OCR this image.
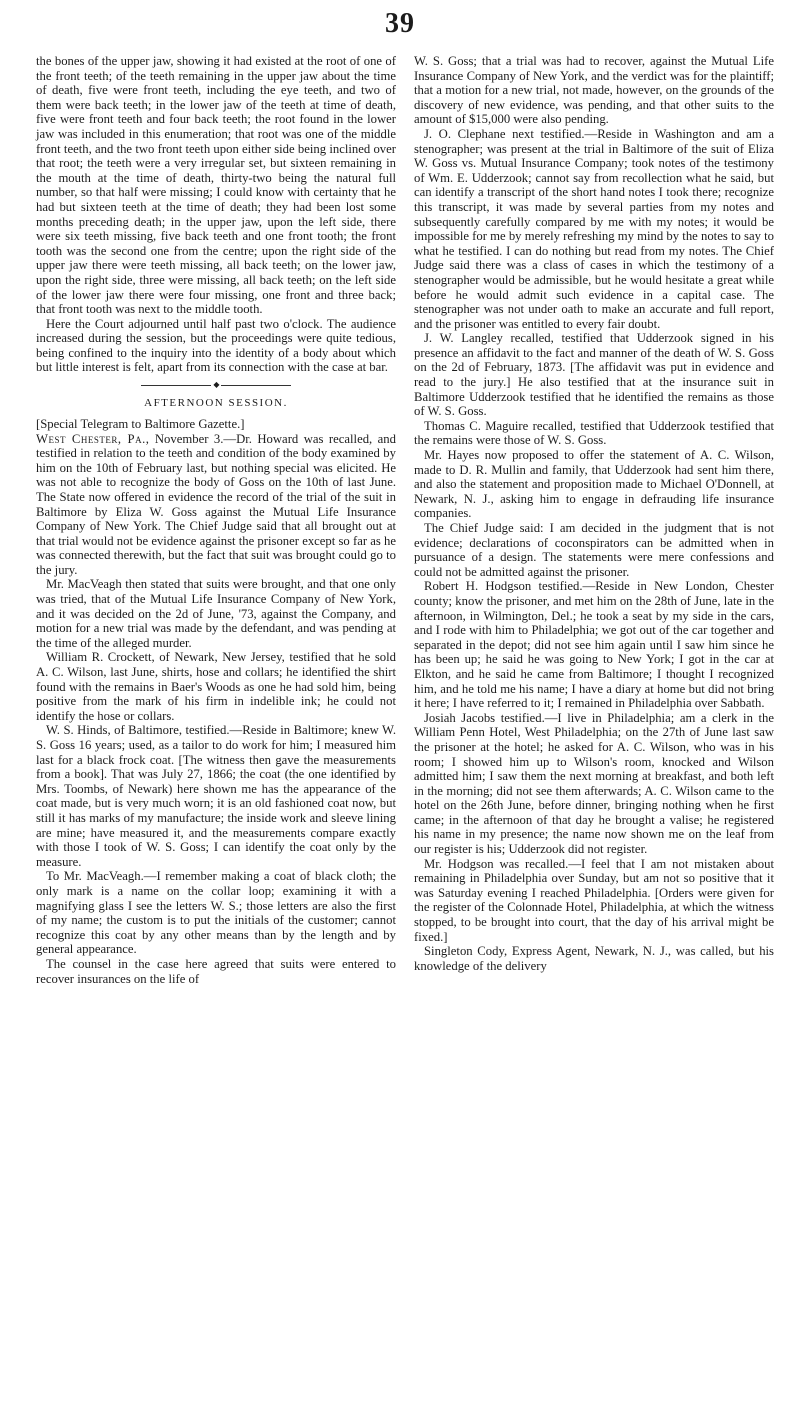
39

the bones of the upper jaw, showing it had existed at the root of one of the front teeth; of the teeth remaining in the upper jaw about the time of death, five were front teeth, including the eye teeth, and two of them were back teeth; in the lower jaw of the teeth at time of death, five were front teeth and four back teeth; the root found in the lower jaw was included in this enumeration; that root was one of the middle front teeth, and the two front teeth upon either side being inclined over that root; the teeth were a very irregular set, but sixteen remaining in the mouth at the time of death, thirty-two being the natural full number, so that half were missing; I could know with certainty that he had but sixteen teeth at the time of death; they had been lost some months preceding death; in the upper jaw, upon the left side, there were six teeth missing, five back teeth and one front tooth; the front tooth was the second one from the centre; upon the right side of the upper jaw there were teeth missing, all back teeth; on the lower jaw, upon the right side, three were missing, all back teeth; on the left side of the lower jaw there were four missing, one front and three back; that front tooth was next to the middle tooth.

Here the Court adjourned until half past two o'clock. The audience increased during the session, but the proceedings were quite tedious, being confined to the inquiry into the identity of a body about which but little interest is felt, apart from its connection with the case at bar.

◆
AFTERNOON SESSION.

[Special Telegram to Baltimore Gazette.]
West Chester, Pa., November 3.—Dr. Howard was recalled, and testified in relation to the teeth and condition of the body examined by him on the 10th of February last, but nothing special was elicited. He was not able to recognize the body of Goss on the 10th of last June. The State now offered in evidence the record of the trial of the suit in Baltimore by Eliza W. Goss against the Mutual Life Insurance Company of New York. The Chief Judge said that all brought out at that trial would not be evidence against the prisoner except so far as he was connected therewith, but the fact that suit was brought could go to the jury.

Mr. MacVeagh then stated that suits were brought, and that one only was tried, that of the Mutual Life Insurance Company of New York, and it was decided on the 2d of June, '73, against the Company, and motion for a new trial was made by the defendant, and was pending at the time of the alleged murder.

William R. Crockett, of Newark, New Jersey, testified that he sold A. C. Wilson, last June, shirts, hose and collars; he identified the shirt found with the remains in Baer's Woods as one he had sold him, being positive from the mark of his firm in indelible ink; he could not identify the hose or collars.

W. S. Hinds, of Baltimore, testified.—Reside in Baltimore; knew W. S. Goss 16 years; used, as a tailor to do work for him; I measured him last for a black frock coat. [The witness then gave the measurements from a book]. That was July 27, 1866; the coat (the one identified by Mrs. Toombs, of Newark) here shown me has the appearance of the coat made, but is very much worn; it is an old fashioned coat now, but still it has marks of my manufacture; the inside work and sleeve lining are mine; have measured it, and the measurements compare exactly with those I took of W. S. Goss; I can identify the coat only by the measure.

To Mr. MacVeagh.—I remember making a coat of black cloth; the only mark is a name on the collar loop; examining it with a magnifying glass I see the letters W. S.; those letters are also the first of my name; the custom is to put the initials of the customer; cannot recognize this coat by any other means than by the length and by general appearance.

The counsel in the case here agreed that suits were entered to recover insurances on the life of

W. S. Goss; that a trial was had to recover, against the Mutual Life Insurance Company of New York, and the verdict was for the plaintiff; that a motion for a new trial, not made, however, on the grounds of the discovery of new evidence, was pending, and that other suits to the amount of $15,000 were also pending.

J. O. Clephane next testified.—Reside in Washington and am a stenographer; was present at the trial in Baltimore of the suit of Eliza W. Goss vs. Mutual Insurance Company; took notes of the testimony of Wm. E. Udderzook; cannot say from recollection what he said, but can identify a transcript of the short hand notes I took there; recognize this transcript, it was made by several parties from my notes and subsequently carefully compared by me with my notes; it would be impossible for me by merely refreshing my mind by the notes to say to what he testified. I can do nothing but read from my notes. The Chief Judge said there was a class of cases in which the testimony of a stenographer would be admissible, but he would hesitate a great while before he would admit such evidence in a capital case. The stenographer was not under oath to make an accurate and full report, and the prisoner was entitled to every fair doubt.

J. W. Langley recalled, testified that Udderzook signed in his presence an affidavit to the fact and manner of the death of W. S. Goss on the 2d of February, 1873. [The affidavit was put in evidence and read to the jury.] He also testified that at the insurance suit in Baltimore Udderzook testified that he identified the remains as those of W. S. Goss.

Thomas C. Maguire recalled, testified that Udderzook testified that the remains were those of W. S. Goss.

Mr. Hayes now proposed to offer the statement of A. C. Wilson, made to D. R. Mullin and family, that Udderzook had sent him there, and also the statement and proposition made to Michael O'Donnell, at Newark, N. J., asking him to engage in defrauding life insurance companies.

The Chief Judge said: I am decided in the judgment that is not evidence; declarations of coconspirators can be admitted when in pursuance of a design. The statements were mere confessions and could not be admitted against the prisoner.

Robert H. Hodgson testified.—Reside in New London, Chester county; know the prisoner, and met him on the 28th of June, late in the afternoon, in Wilmington, Del.; he took a seat by my side in the cars, and I rode with him to Philadelphia; we got out of the car together and separated in the depot; did not see him again until I saw him since he has been up; he said he was going to New York; I got in the car at Elkton, and he said he came from Baltimore; I thought I recognized him, and he told me his name; I have a diary at home but did not bring it here; I have referred to it; I remained in Philadelphia over Sabbath.

Josiah Jacobs testified.—I live in Philadelphia; am a clerk in the William Penn Hotel, West Philadelphia; on the 27th of June last saw the prisoner at the hotel; he asked for A. C. Wilson, who was in his room; I showed him up to Wilson's room, knocked and Wilson admitted him; I saw them the next morning at breakfast, and both left in the morning; did not see them afterwards; A. C. Wilson came to the hotel on the 26th June, before dinner, bringing nothing when he first came; in the afternoon of that day he brought a valise; he registered his name in my presence; the name now shown me on the leaf from our register is his; Udderzook did not register.

Mr. Hodgson was recalled.—I feel that I am not mistaken about remaining in Philadelphia over Sunday, but am not so positive that it was Saturday evening I reached Philadelphia. [Orders were given for the register of the Colonnade Hotel, Philadelphia, at which the witness stopped, to be brought into court, that the day of his arrival might be fixed.]

Singleton Cody, Express Agent, Newark, N. J., was called, but his knowledge of the delivery
